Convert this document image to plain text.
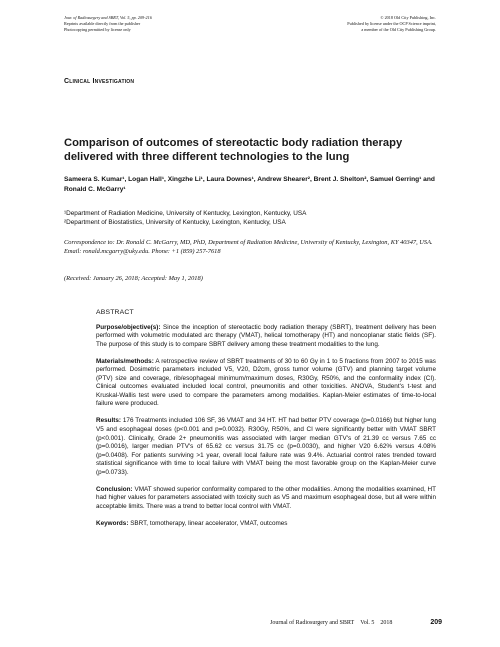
Jour. of Radiosurgery and SBRT, Vol. 5, pp. 209-216
Reprints available directly from the publisher
Photocopying permitted by license only
© 2018 Old City Publishing, Inc.
Published by license under the OCP Science imprint,
a member of the Old City Publishing Group.
Clinical Investigation
Comparison of outcomes of stereotactic body radiation therapy delivered with three different technologies to the lung
Sameera S. Kumar¹, Logan Hall¹, Xingzhe Li¹, Laura Downes¹, Andrew Shearer², Brent J. Shelton², Samuel Gerring¹ and Ronald C. McGarry¹
¹Department of Radiation Medicine, University of Kentucky, Lexington, Kentucky, USA
²Department of Biostatistics, University of Kentucky, Lexington, Kentucky, USA
Correspondence to: Dr. Ronald C. McGarry, MD, PhD, Department of Radiation Medicine, University of Kentucky, Lexington, KY 40347, USA. Email: ronald.mcgarry@uky.edu. Phone: +1 (859) 257-7618
(Received: January 26, 2018; Accepted: May 1, 2018)
ABSTRACT

Purpose/objective(s): Since the inception of stereotactic body radiation therapy (SBRT), treatment delivery has been performed with volumetric modulated arc therapy (VMAT), helical tomotherapy (HT) and noncoplanar static fields (SF). The purpose of this study is to compare SBRT delivery among these treatment modalities to the lung.

Materials/methods: A retrospective review of SBRT treatments of 30 to 60 Gy in 1 to 5 fractions from 2007 to 2015 was performed. Dosimetric parameters included V5, V20, D2cm, gross tumor volume (GTV) and planning target volume (PTV) size and coverage, rib/esophageal minimum/maximum doses, R30Gy, R50%, and the conformality index (CI). Clinical outcomes evaluated included local control, pneumonitis and other toxicities. ANOVA, Student's t-test and Kruskal-Wallis test were used to compare the parameters among modalities. Kaplan-Meier estimates of time-to-local failure were produced.

Results: 176 Treatments included 106 SF, 36 VMAT and 34 HT. HT had better PTV coverage (p=0.0166) but higher lung V5 and esophageal doses (p<0.001 and p=0.0032). R30Gy, R50%, and CI were significantly better with VMAT SBRT (p<0.001). Clinically, Grade 2+ pneumonitis was associated with larger median GTV's of 21.39 cc versus 7.65 cc (p=0.0016), larger median PTV's of 65.62 cc versus 31.75 cc (p=0.0030), and higher V20 6.62% versus 4.08% (p=0.0408). For patients surviving >1 year, overall local failure rate was 9.4%. Actuarial control rates trended toward statistical significance with time to local failure with VMAT being the most favorable group on the Kaplan-Meier curve (p=0.0733).

Conclusion: VMAT showed superior conformality compared to the other modalities. Among the modalities examined, HT had higher values for parameters associated with toxicity such as V5 and maximum esophageal dose, but all were within acceptable limits. There was a trend to better local control with VMAT.

Keywords: SBRT, tomotherapy, linear accelerator, VMAT, outcomes

Journal of Radiosurgery and SBRT Vol. 5 2018	209
